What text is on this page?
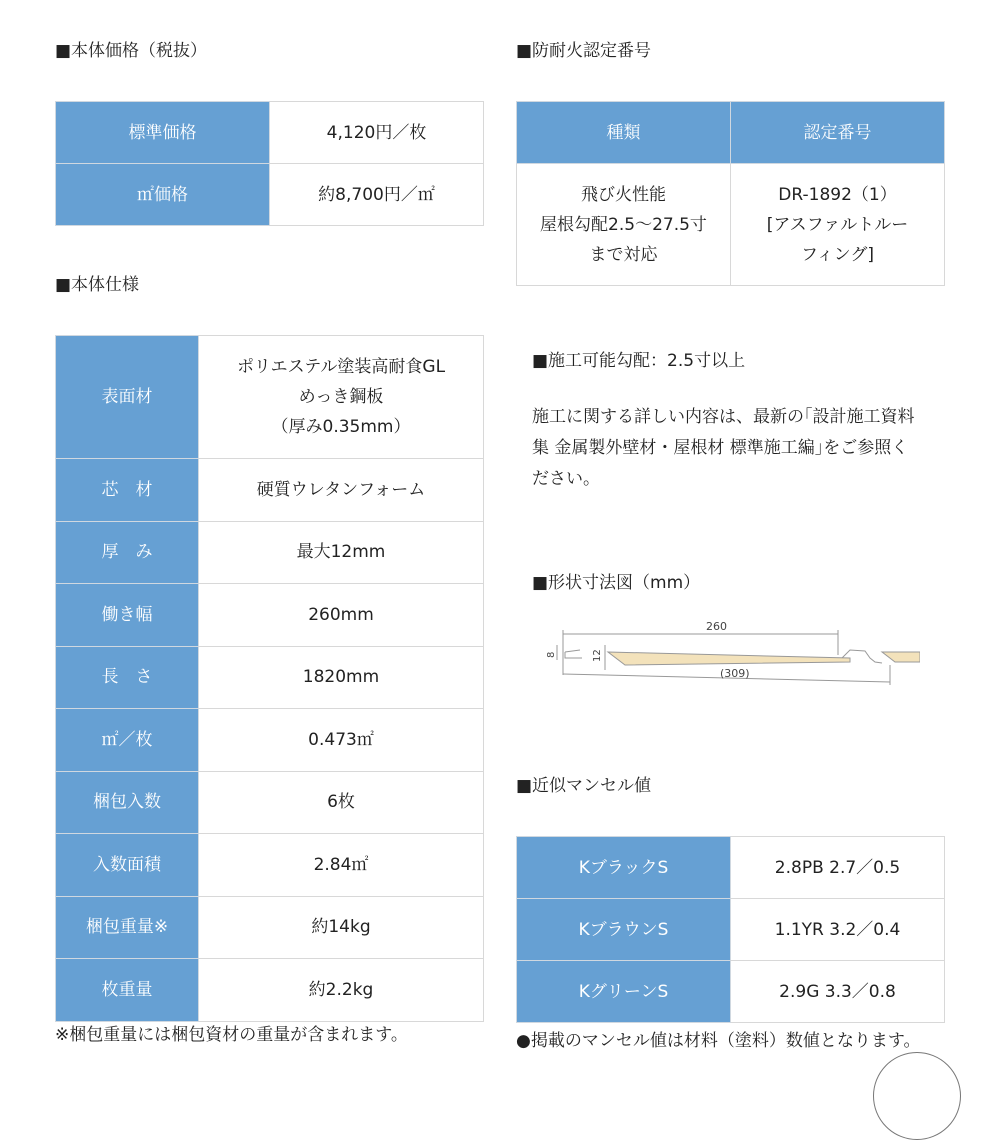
■本体価格（税抜）
標準価格	4,120円／枚
㎡価格	約8,700円／㎡
■本体仕様
表面材	ポリエステル塗装高耐食GL
めっき鋼板
（厚み0.35mm）
芯　材	硬質ウレタンフォーム
厚　み	最大12mm
働き幅	260mm
長　さ	1820mm
㎡／枚	0.473㎡
梱包入数	6枚
入数面積	2.84㎡
梱包重量※	約14kg
枚重量	約2.2kg
※梱包重量には梱包資材の重量が含まれます。
■防耐火認定番号
種類	認定番号
飛び火性能
屋根勾配2.5〜27.5寸
まで対応	DR-1892（1）
[アスファルトルー
フィング]
■施工可能勾配：2.5寸以上
施工に関する詳しい内容は、最新の｢設計施工資料集 金属製外壁材・屋根材 標準施工編｣をご参照ください。
■形状寸法図（mm）
260
(309)
12
8
■近似マンセル値
KブラックS	2.8PB 2.7／0.5
KブラウンS	1.1YR 3.2／0.4
KグリーンS	2.9G 3.3／0.8
●掲載のマンセル値は材料（塗料）数値となります。
